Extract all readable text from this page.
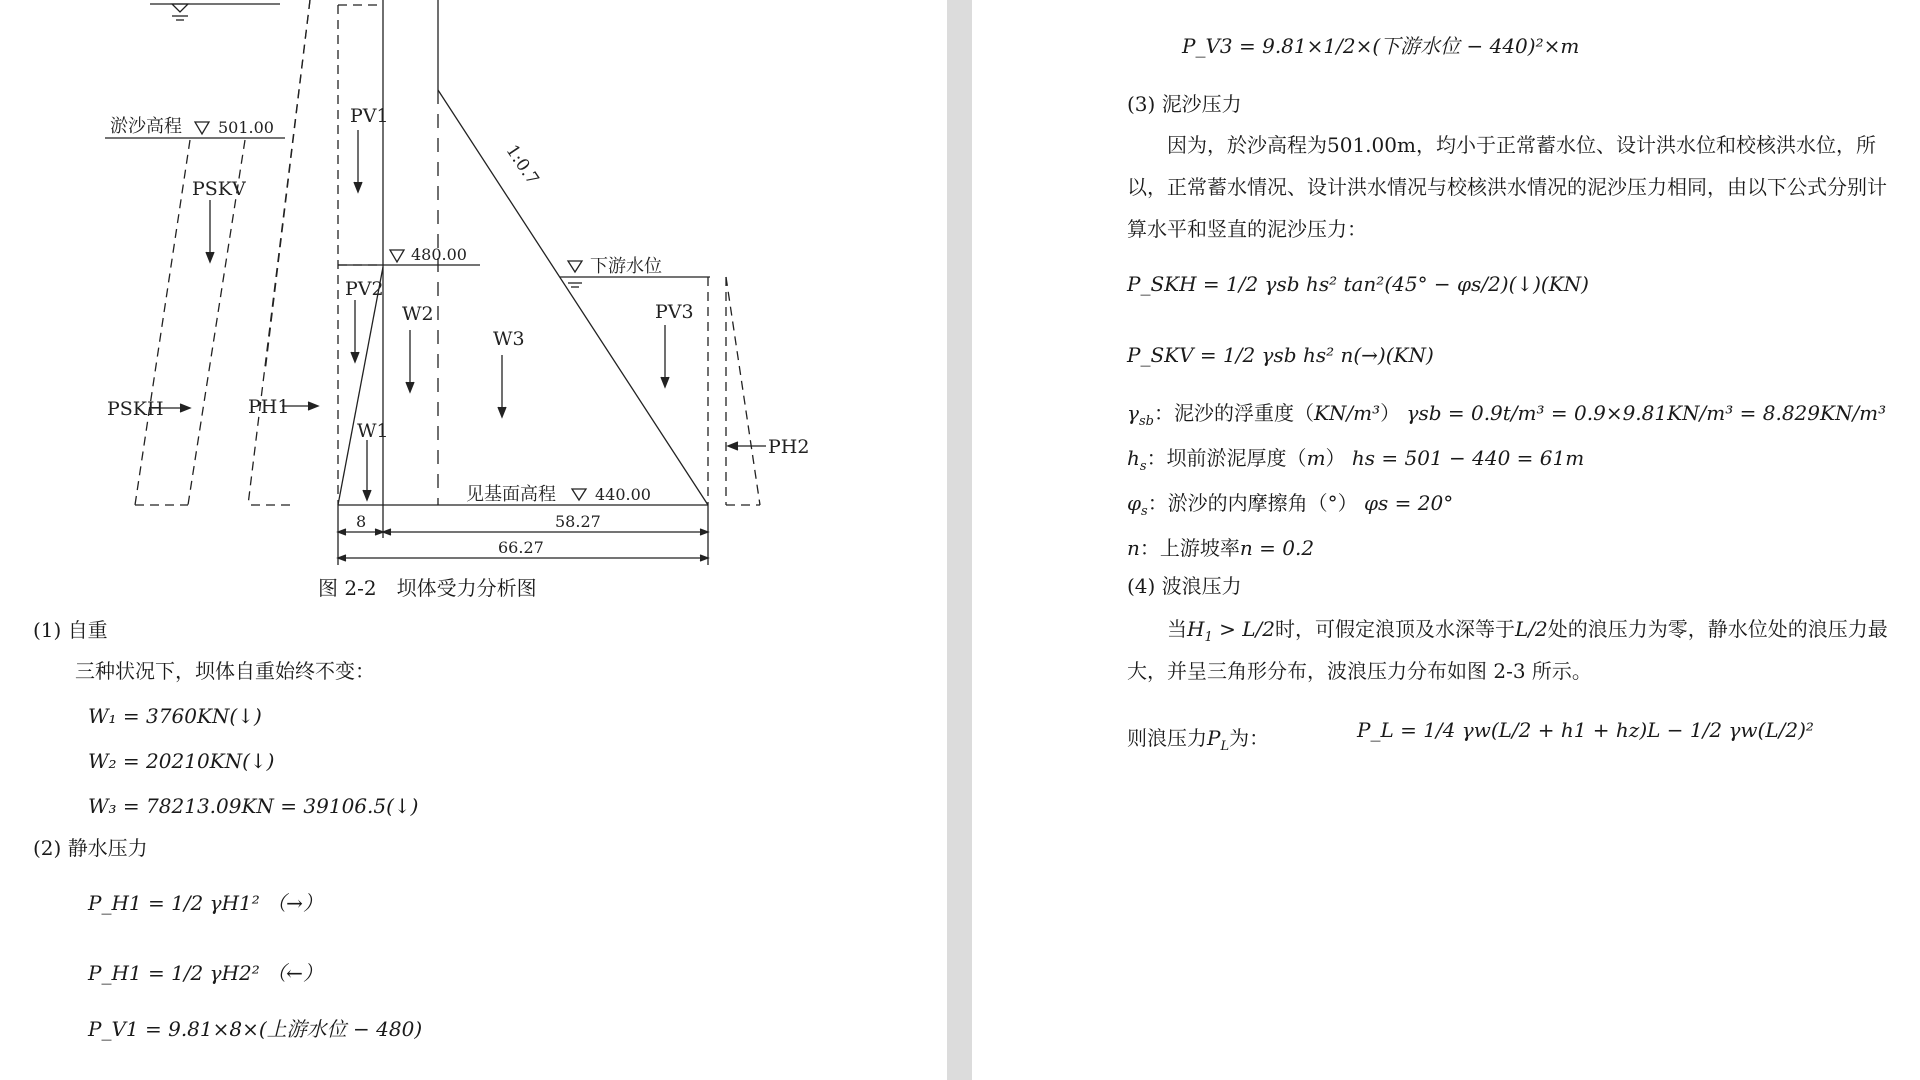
淤沙高程 501.00
PV1
PSKV
PV2
W2
W3
PV3
PSKH	PH1
PH2
W1
480.00
下游水位
1:0.7
见基面高程 440.00
8	58.27
66.27
图 2-2　坝体受力分析图
(1) 自重
三种状况下，坝体自重始终不变：
W₁ = 3760KN(↓)
W₂ = 20210KN(↓)
W₃ = 78213.09KN = 39106.5(↓)
(2) 静水压力
P_H1 = 1/2 γH1² （→）
P_H1 = 1/2 γH2² （←）
P_V1 = 9.81×8×(上游水位 − 480)
P_V3 = 9.81×1/2×(下游水位 − 440)²×m
(3) 泥沙压力
因为，於沙高程为501.00m，均小于正常蓄水位、设计洪水位和校核洪水位，所以，正常蓄水情况、设计洪水情况与校核洪水情况的泥沙压力相同，由以下公式分别计算水平和竖直的泥沙压力：
P_SKH = 1/2 γsb hs² tan²(45° − φs/2)(↓)(KN)
P_SKV = 1/2 γsb hs² n(→)(KN)
$\gamma_{sb}$：泥沙的浮重度（KN/m³） γsb = 0.9t/m³ = 0.9×9.81KN/m³ = 8.829KN/m³
$h_s$：坝前淤泥厚度（m） hs = 501 − 440 = 61m
$\varphi_s$：淤沙的内摩擦角（°） φs = 20°
n：上游坡率n = 0.2
(4) 波浪压力
当$H_1 > L/2$时，可假定浪顶及水深等于L/2处的浪压力为零，静水位处的浪压力最大，并呈三角形分布，波浪压力分布如图 2-3 所示。
则浪压力$P_L$为：	P_L = 1/4 γw(L/2 + h1 + hz)L − 1/2 γw(L/2)²
